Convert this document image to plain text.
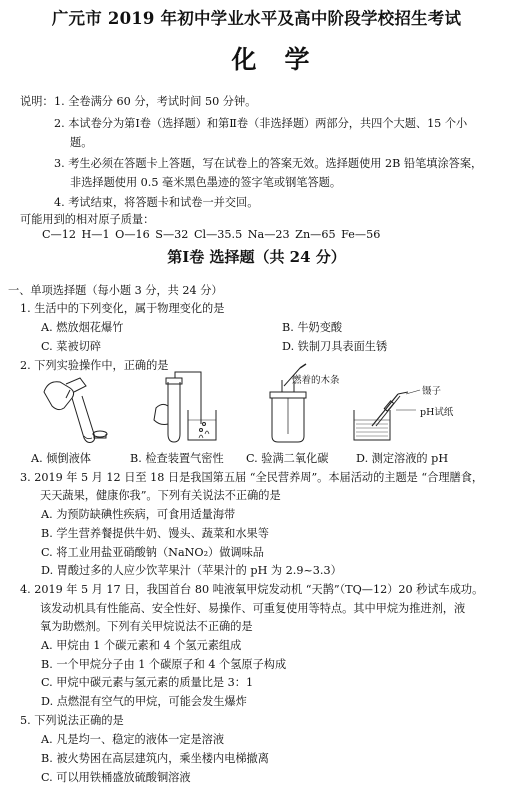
广元市 2019 年初中学业水平及高中阶段学校招生考试
化学
说明： 1. 全卷满分 60 分，考试时间 50 分钟。
2. 本试卷分为第Ⅰ卷（选择题）和第Ⅱ卷（非选择题）两部分，共四个大题、15 个小
题。
3. 考生必须在答题卡上答题，写在试卷上的答案无效。选择题使用 2B 铅笔填涂答案，
非选择题使用 0.5 毫米黑色墨迹的签字笔或钢笔答题。
4. 考试结束，将答题卡和试卷一并交回。
可能用到的相对原子质量：
C—12 H—1 O—16 S—32 Cl—35.5 Na—23 Zn—65 Fe—56
第Ⅰ卷 选择题（共 24 分）
一、单项选择题（每小题 3 分，共 24 分）
1. 生活中的下列变化，属于物理变化的是
A. 燃放烟花爆竹	B. 牛奶变酸
C. 菜被切碎	D. 铁制刀具表面生锈
2. 下列实验操作中，正确的是
燃着的木条
镊子
pH试纸
A. 倾倒液体	B. 检查装置气密性 C. 验满二氧化碳 D. 测定溶液的 pH
3. 2019 年 5 月 12 日至 18 日是我国第五届 “全民营养周”。本届活动的主题是 “合理膳食，
天天蔬果，健康你我”。下列有关说法不正确的是
A. 为预防缺碘性疾病，可食用适量海带
B. 学生营养餐提供牛奶、馒头、蔬菜和水果等
C. 将工业用盐亚硝酸钠（NaNO₂）做调味品
D. 胃酸过多的人应少饮苹果汁（苹果汁的 pH 为 2.9~3.3）
4. 2019 年 5 月 17 日，我国首台 80 吨液氧甲烷发动机 “天鹊”（TQ—12）20 秒试车成功。
该发动机具有性能高、安全性好、易操作、可重复使用等特点。其中甲烷为推进剂，液
氧为助燃剂。下列有关甲烷说法不正确的是
A. 甲烷由 1 个碳元素和 4 个氢元素组成
B. 一个甲烷分子由 1 个碳原子和 4 个氢原子构成
C. 甲烷中碳元素与氢元素的质量比是 3：1
D. 点燃混有空气的甲烷，可能会发生爆炸
5. 下列说法正确的是
A. 凡是均一、稳定的液体一定是溶液
B. 被火势困在高层建筑内，乘坐楼内电梯撤离
C. 可以用铁桶盛放硫酸铜溶液
